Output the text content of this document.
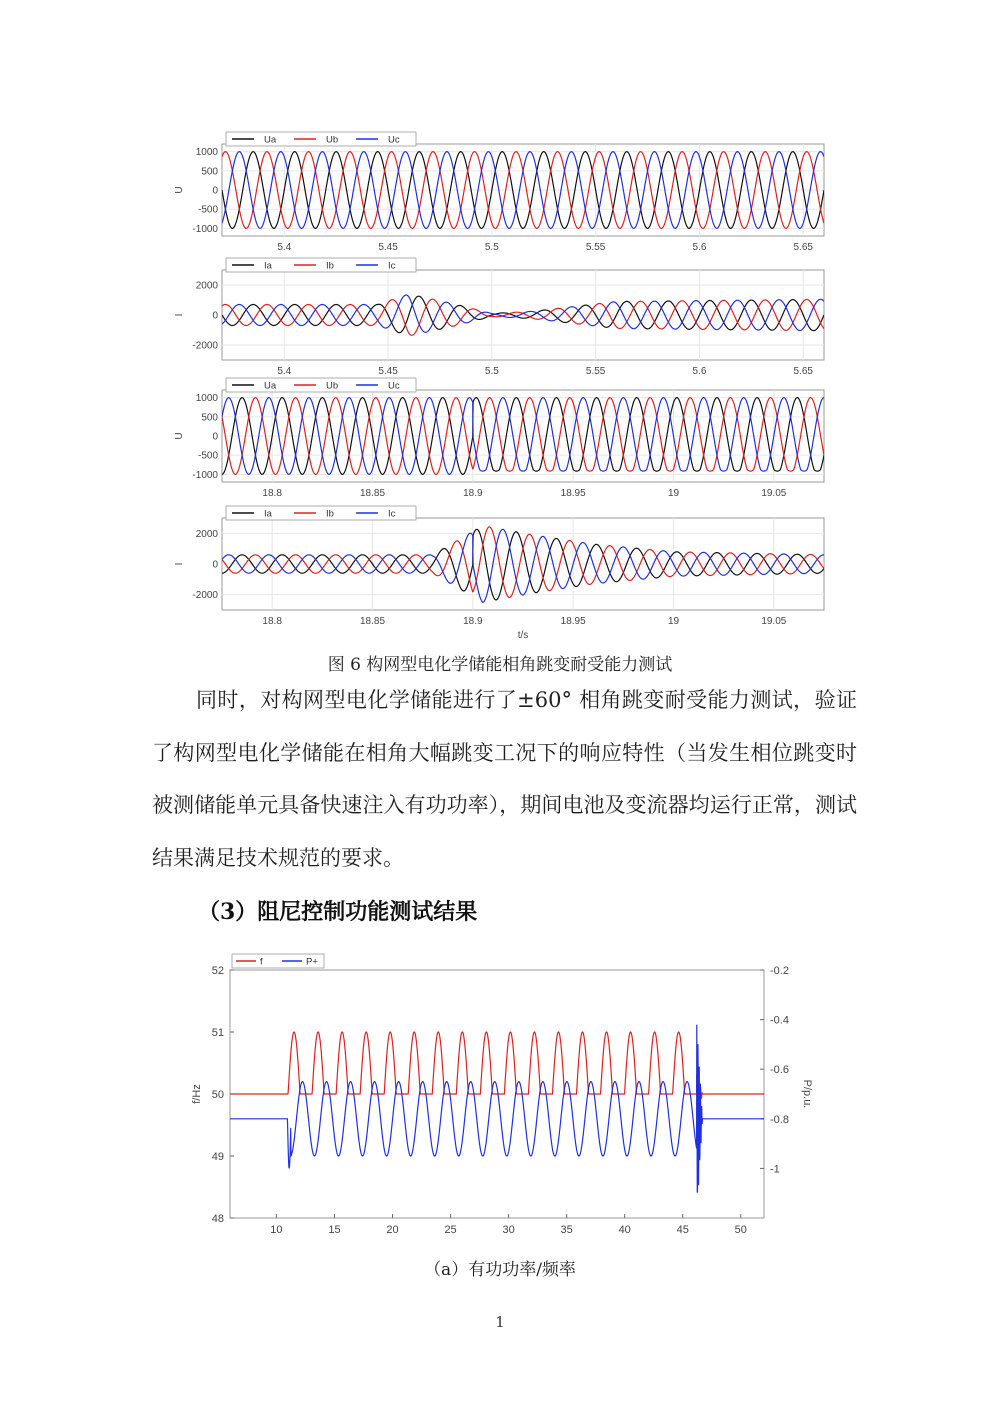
5.4	5.45	5.5	5.55	5.6	5.65
1000
500
0
-500
-1000
U
Ua	Ub	Uc
5.4	5.45	5.5	5.55	5.6	5.65
2000
0
-2000
I
Ia	Ib	Ic
18.8	18.85	18.9	18.95	19	19.05
1000
500
0
-500
-1000
U
Ua	Ub	Uc
18.8	18.85	18.9	18.95	19	19.05
2000
0
-2000
I
t/s
Ia	Ib	Ic
图 6 构网型电化学储能相角跳变耐受能力测试

同时，对构网型电化学储能进行了±60° 相角跳变耐受能力测试，验证了构网型电化学储能在相角大幅跳变工况下的响应特性（当发生相位跳变时被测储能单元具备快速注入有功功率），期间电池及变流器均运行正常，测试结果满足技术规范的要求。

（3）阻尼控制功能测试结果
10	15	20	25	30	35	40	45	50
52
51
50
49
48
-0.2
-0.4
-0.6
-0.8
-1
f/Hz	P/p.u.
f	P+
（a）有功功率/频率
1
